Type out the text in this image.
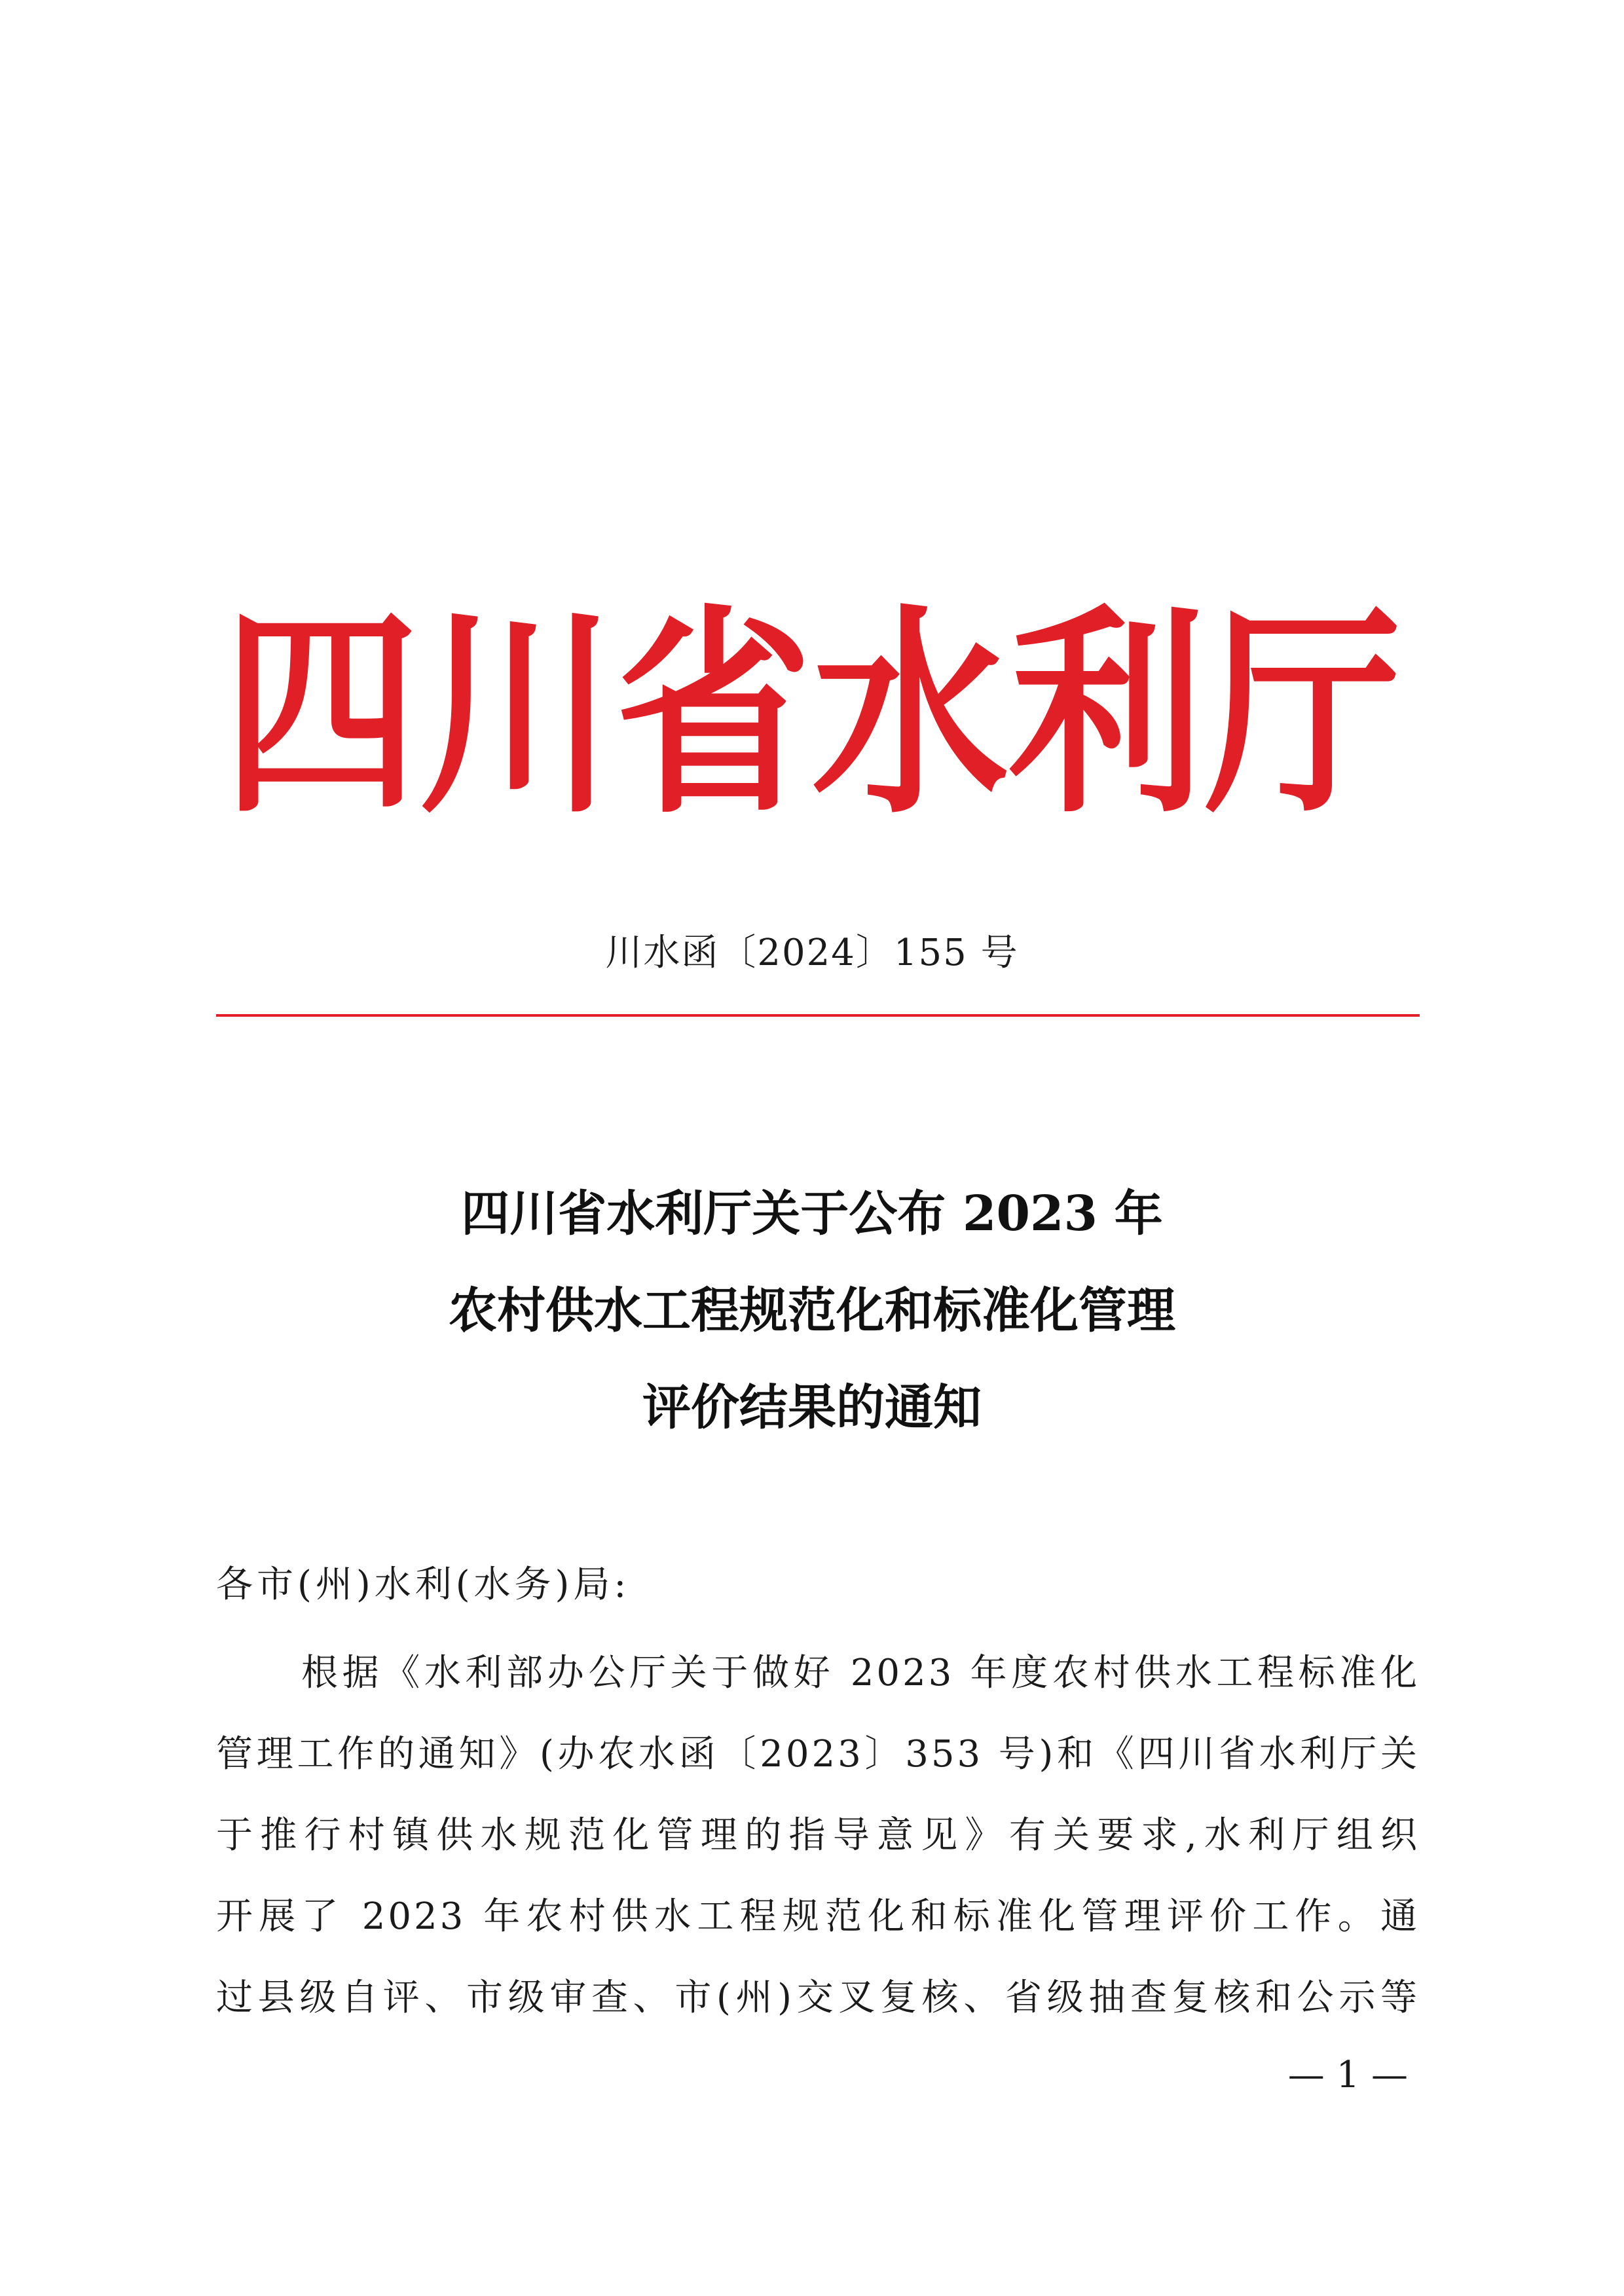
四川省水利厅
川水函〔2024〕155 号
四川省水利厅关于公布 2023 年
农村供水工程规范化和标准化管理
评价结果的通知
各市(州)水利(水务)局:
根据《水利部办公厅关于做好 2023 年度农村供水工程标准化
管理工作的通知》(办农水函〔2023〕353 号)和《四川省水利厅关
于推行村镇供水规范化管理的指导意见》有关要求,水利厅组织
开展了 2023 年农村供水工程规范化和标准化管理评价工作。通
过县级自评、市级审查、市(州)交叉复核、省级抽查复核和公示等
— 1 —
